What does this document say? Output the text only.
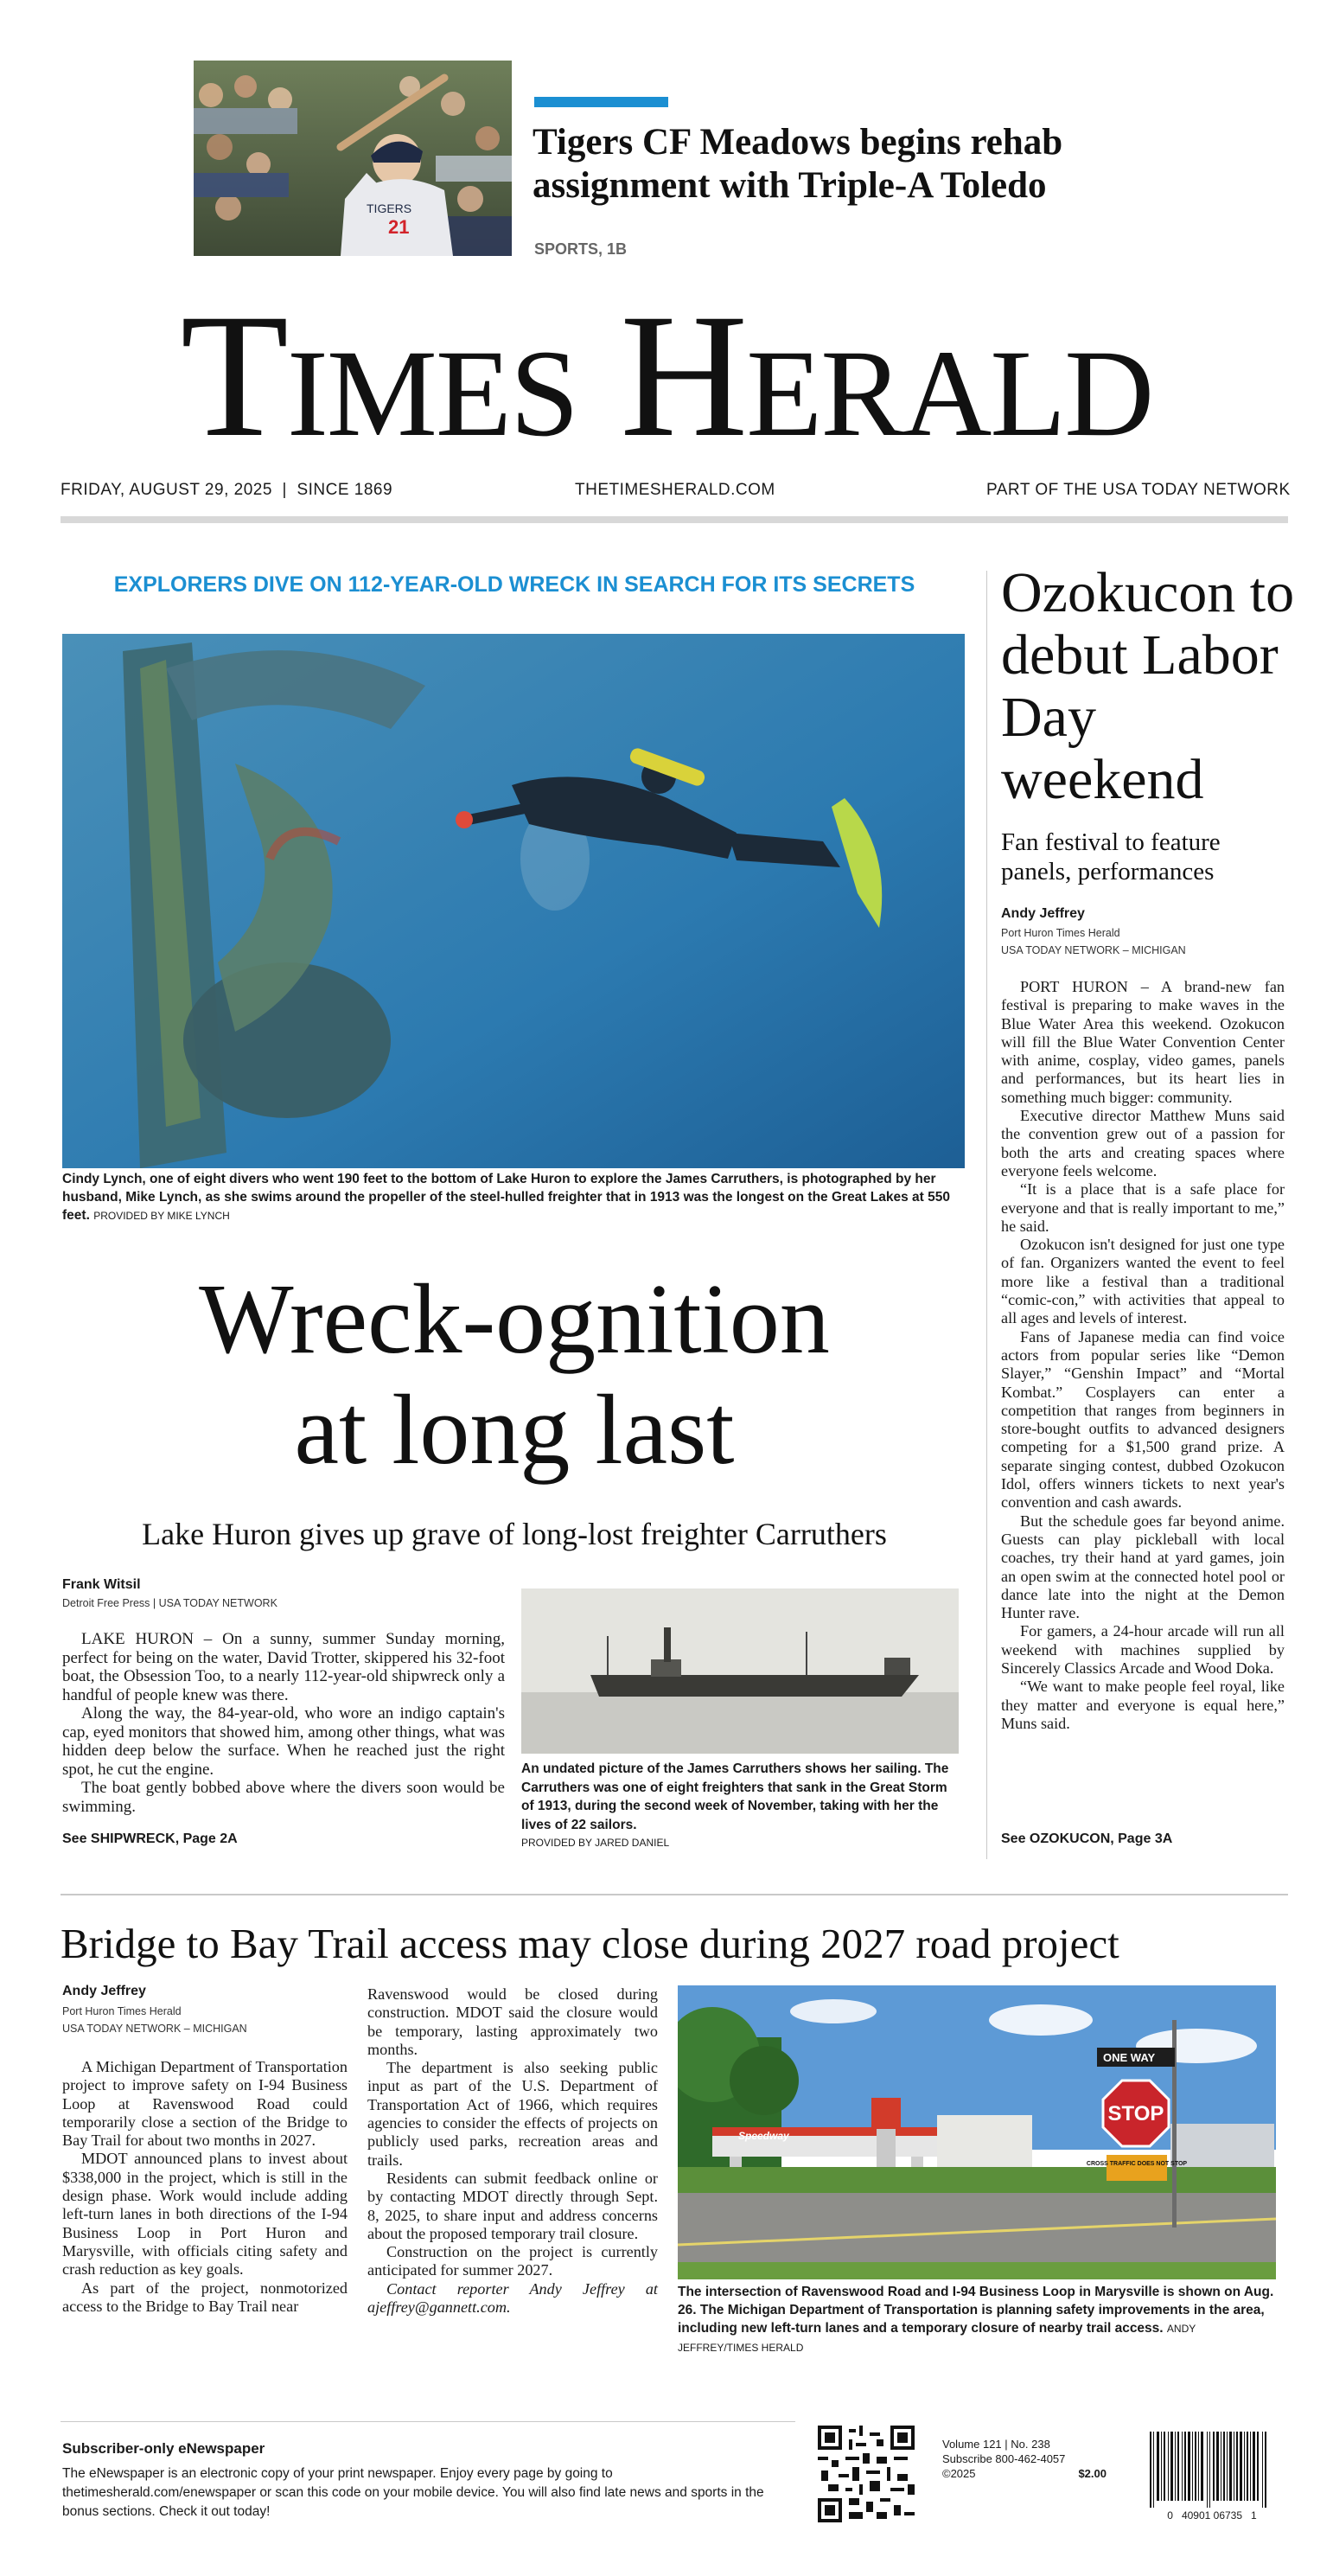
21
TIGERS
Tigers CF Meadows begins rehab assignment with Triple-A Toledo
SPORTS, 1B
Times Herald
FRIDAY, AUGUST 29, 2025  |  SINCE 1869	THETIMESHERALD.COM	PART OF THE USA TODAY NETWORK
EXPLORERS DIVE ON 112-YEAR-OLD WRECK IN SEARCH FOR ITS SECRETS
Cindy Lynch, one of eight divers who went 190 feet to the bottom of Lake Huron to explore the James Carruthers, is photographed by her husband, Mike Lynch, as she swims around the propeller of the steel-hulled freighter that in 1913 was the longest on the Great Lakes at 550 feet. PROVIDED BY MIKE LYNCH
Wreck-ognition
at long last
Lake Huron gives up grave of long-lost freighter Carruthers
Frank Witsil
Detroit Free Press | USA TODAY NETWORK

LAKE HURON – On a sunny, summer Sunday morning, perfect for being on the water, David Trotter, skippered his 32-foot boat, the Obsession Too, to a nearly 112-year-old shipwreck only a handful of people knew was there.

Along the way, the 84-year-old, who wore an indigo captain's cap, eyed monitors that showed him, among other things, what was hidden deep below the surface. When he reached just the right spot, he cut the engine.

The boat gently bobbed above where the divers soon would be swimming.

See SHIPWRECK, Page 2A
An undated picture of the James Carruthers shows her sailing. The Carruthers was one of eight freighters that sank in the Great Storm of 1913, during the second week of November, taking with her the lives of 22 sailors.
PROVIDED BY JARED DANIEL
Ozokucon to debut Labor Day weekend
Fan festival to feature panels, performances
Andy Jeffrey
Port Huron Times Herald
USA TODAY NETWORK – MICHIGAN

PORT HURON – A brand-new fan festival is preparing to make waves in the Blue Water Area this weekend. Ozokucon will fill the Blue Water Convention Center with anime, cosplay, video games, panels and performances, but its heart lies in something much bigger: community.

Executive director Matthew Muns said the convention grew out of a passion for both the arts and creating spaces where everyone feels welcome.

“It is a place that is a safe place for everyone and that is really important to me,” he said.

Ozokucon isn't designed for just one type of fan. Organizers wanted the event to feel more like a festival than a traditional “comic-con,” with activities that appeal to all ages and levels of interest.

Fans of Japanese media can find voice actors from popular series like “Demon Slayer,” “Genshin Impact” and “Mortal Kombat.” Cosplayers can enter a competition that ranges from beginners in store-bought outfits to advanced designers competing for a $1,500 grand prize. A separate singing contest, dubbed Ozokucon Idol, offers winners tickets to next year's convention and cash awards.

But the schedule goes far beyond anime. Guests can play pickleball with local coaches, try their hand at yard games, join an open swim at the connected hotel pool or dance late into the night at the Demon Hunter rave.

For gamers, a 24-hour arcade will run all weekend with machines supplied by Sincerely Classics Arcade and Wood Doka.

“We want to make people feel royal, like they matter and everyone is equal here,” Muns said.

See OZOKUCON, Page 3A
Bridge to Bay Trail access may close during 2027 road project
Andy Jeffrey
Port Huron Times Herald
USA TODAY NETWORK – MICHIGAN

A Michigan Department of Transportation project to improve safety on I-94 Business Loop at Ravenswood Road could temporarily close a section of the Bridge to Bay Trail for about two months in 2027.

MDOT announced plans to invest about $338,000 in the project, which is still in the design phase. Work would include adding left-turn lanes in both directions of the I-94 Business Loop in Port Huron and Marysville, with officials citing safety and crash reduction as key goals.

As part of the project, nonmotorized access to the Bridge to Bay Trail near

Ravenswood would be closed during construction. MDOT said the closure would be temporary, lasting approximately two months.

The department is also seeking public input as part of the U.S. Department of Transportation Act of 1966, which requires agencies to consider the effects of projects on publicly used parks, recreation areas and trails.

Residents can submit feedback online or by contacting MDOT directly through Sept. 8, 2025, to share input and address concerns about the proposed temporary trail closure.

Construction on the project is currently anticipated for summer 2027.

Contact reporter Andy Jeffrey at ajeffrey@gannett.com.

ONE WAY
STOP
CROSS TRAFFIC DOES NOT STOP
Speedway
The intersection of Ravenswood Road and I-94 Business Loop in Marysville is shown on Aug. 26. The Michigan Department of Transportation is planning safety improvements in the area, including new left-turn lanes and a temporary closure of nearby trail access. ANDY JEFFREY/TIMES HERALD
Subscriber-only eNewspaper
The eNewspaper is an electronic copy of your print newspaper. Enjoy every page by going to thetimesherald.com/enewspaper or scan this code on your mobile device. You will also find late news and sports in the bonus sections. Check it out today!
Volume 121 | No. 238
Subscribe 800-462-4057
©2025	$2.00
0   40901 06735   1
